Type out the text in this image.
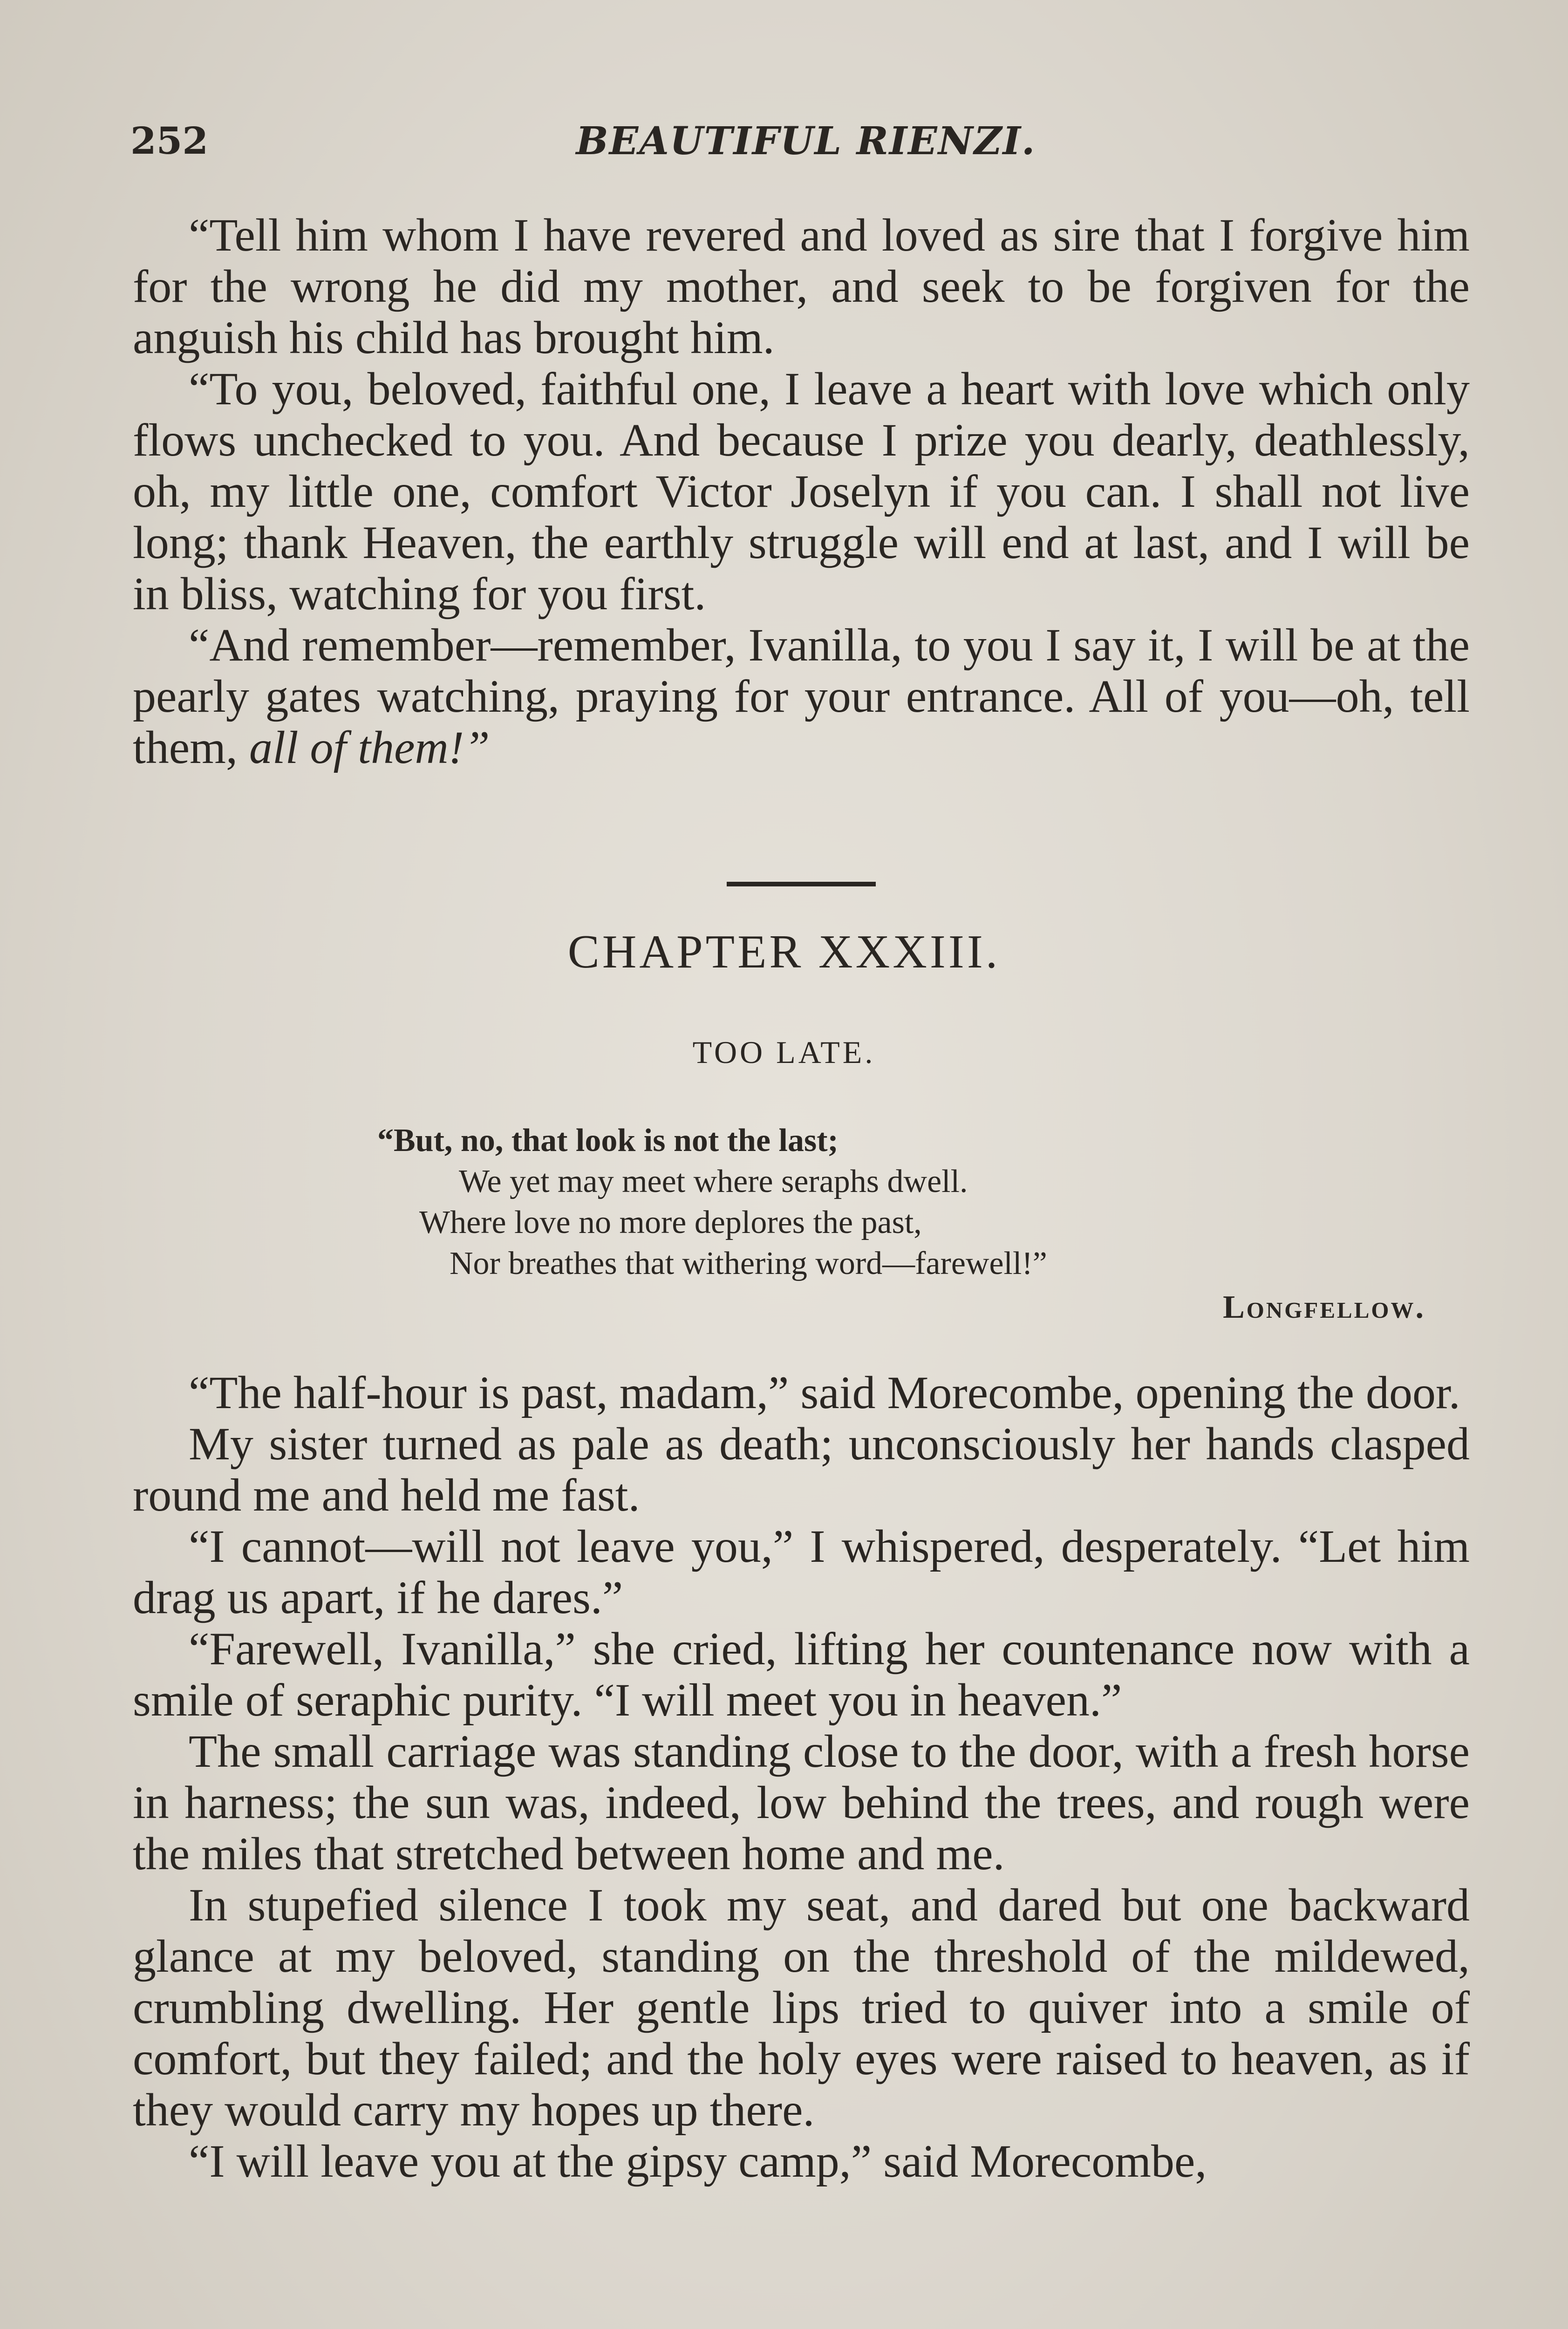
252	BEAUTIFUL RIENZI.

“Tell him whom I have revered and loved as sire that I forgive him for the wrong he did my mother, and seek to be forgiven for the anguish his child has brought him.

“To you, beloved, faithful one, I leave a heart with love which only flows unchecked to you. And because I prize you dearly, deathlessly, oh, my little one, comfort Victor Joselyn if you can. I shall not live long; thank Heaven, the earthly struggle will end at last, and I will be in bliss, watching for you first.

“And remember—remember, Ivanilla, to you I say it, I will be at the pearly gates watching, praying for your entrance. All of you—oh, tell them, all of them!”

CHAPTER XXXIII.
TOO LATE.
“But, no, that look is not the last;
We yet may meet where seraphs dwell.
Where love no more deplores the past,
Nor breathes that withering word—farewell!”
Longfellow.

“The half-hour is past, madam,” said Morecombe, opening the door.

My sister turned as pale as death; unconsciously her hands clasped round me and held me fast.

“I cannot—will not leave you,” I whispered, desperately. “Let him drag us apart, if he dares.”

“Farewell, Ivanilla,” she cried, lifting her countenance now with a smile of seraphic purity. “I will meet you in heaven.”

The small carriage was standing close to the door, with a fresh horse in harness; the sun was, indeed, low behind the trees, and rough were the miles that stretched between home and me.

In stupefied silence I took my seat, and dared but one backward glance at my beloved, standing on the threshold of the mildewed, crumbling dwelling. Her gentle lips tried to quiver into a smile of comfort, but they failed; and the holy eyes were raised to heaven, as if they would carry my hopes up there.

“I will leave you at the gipsy camp,” said Morecombe,
